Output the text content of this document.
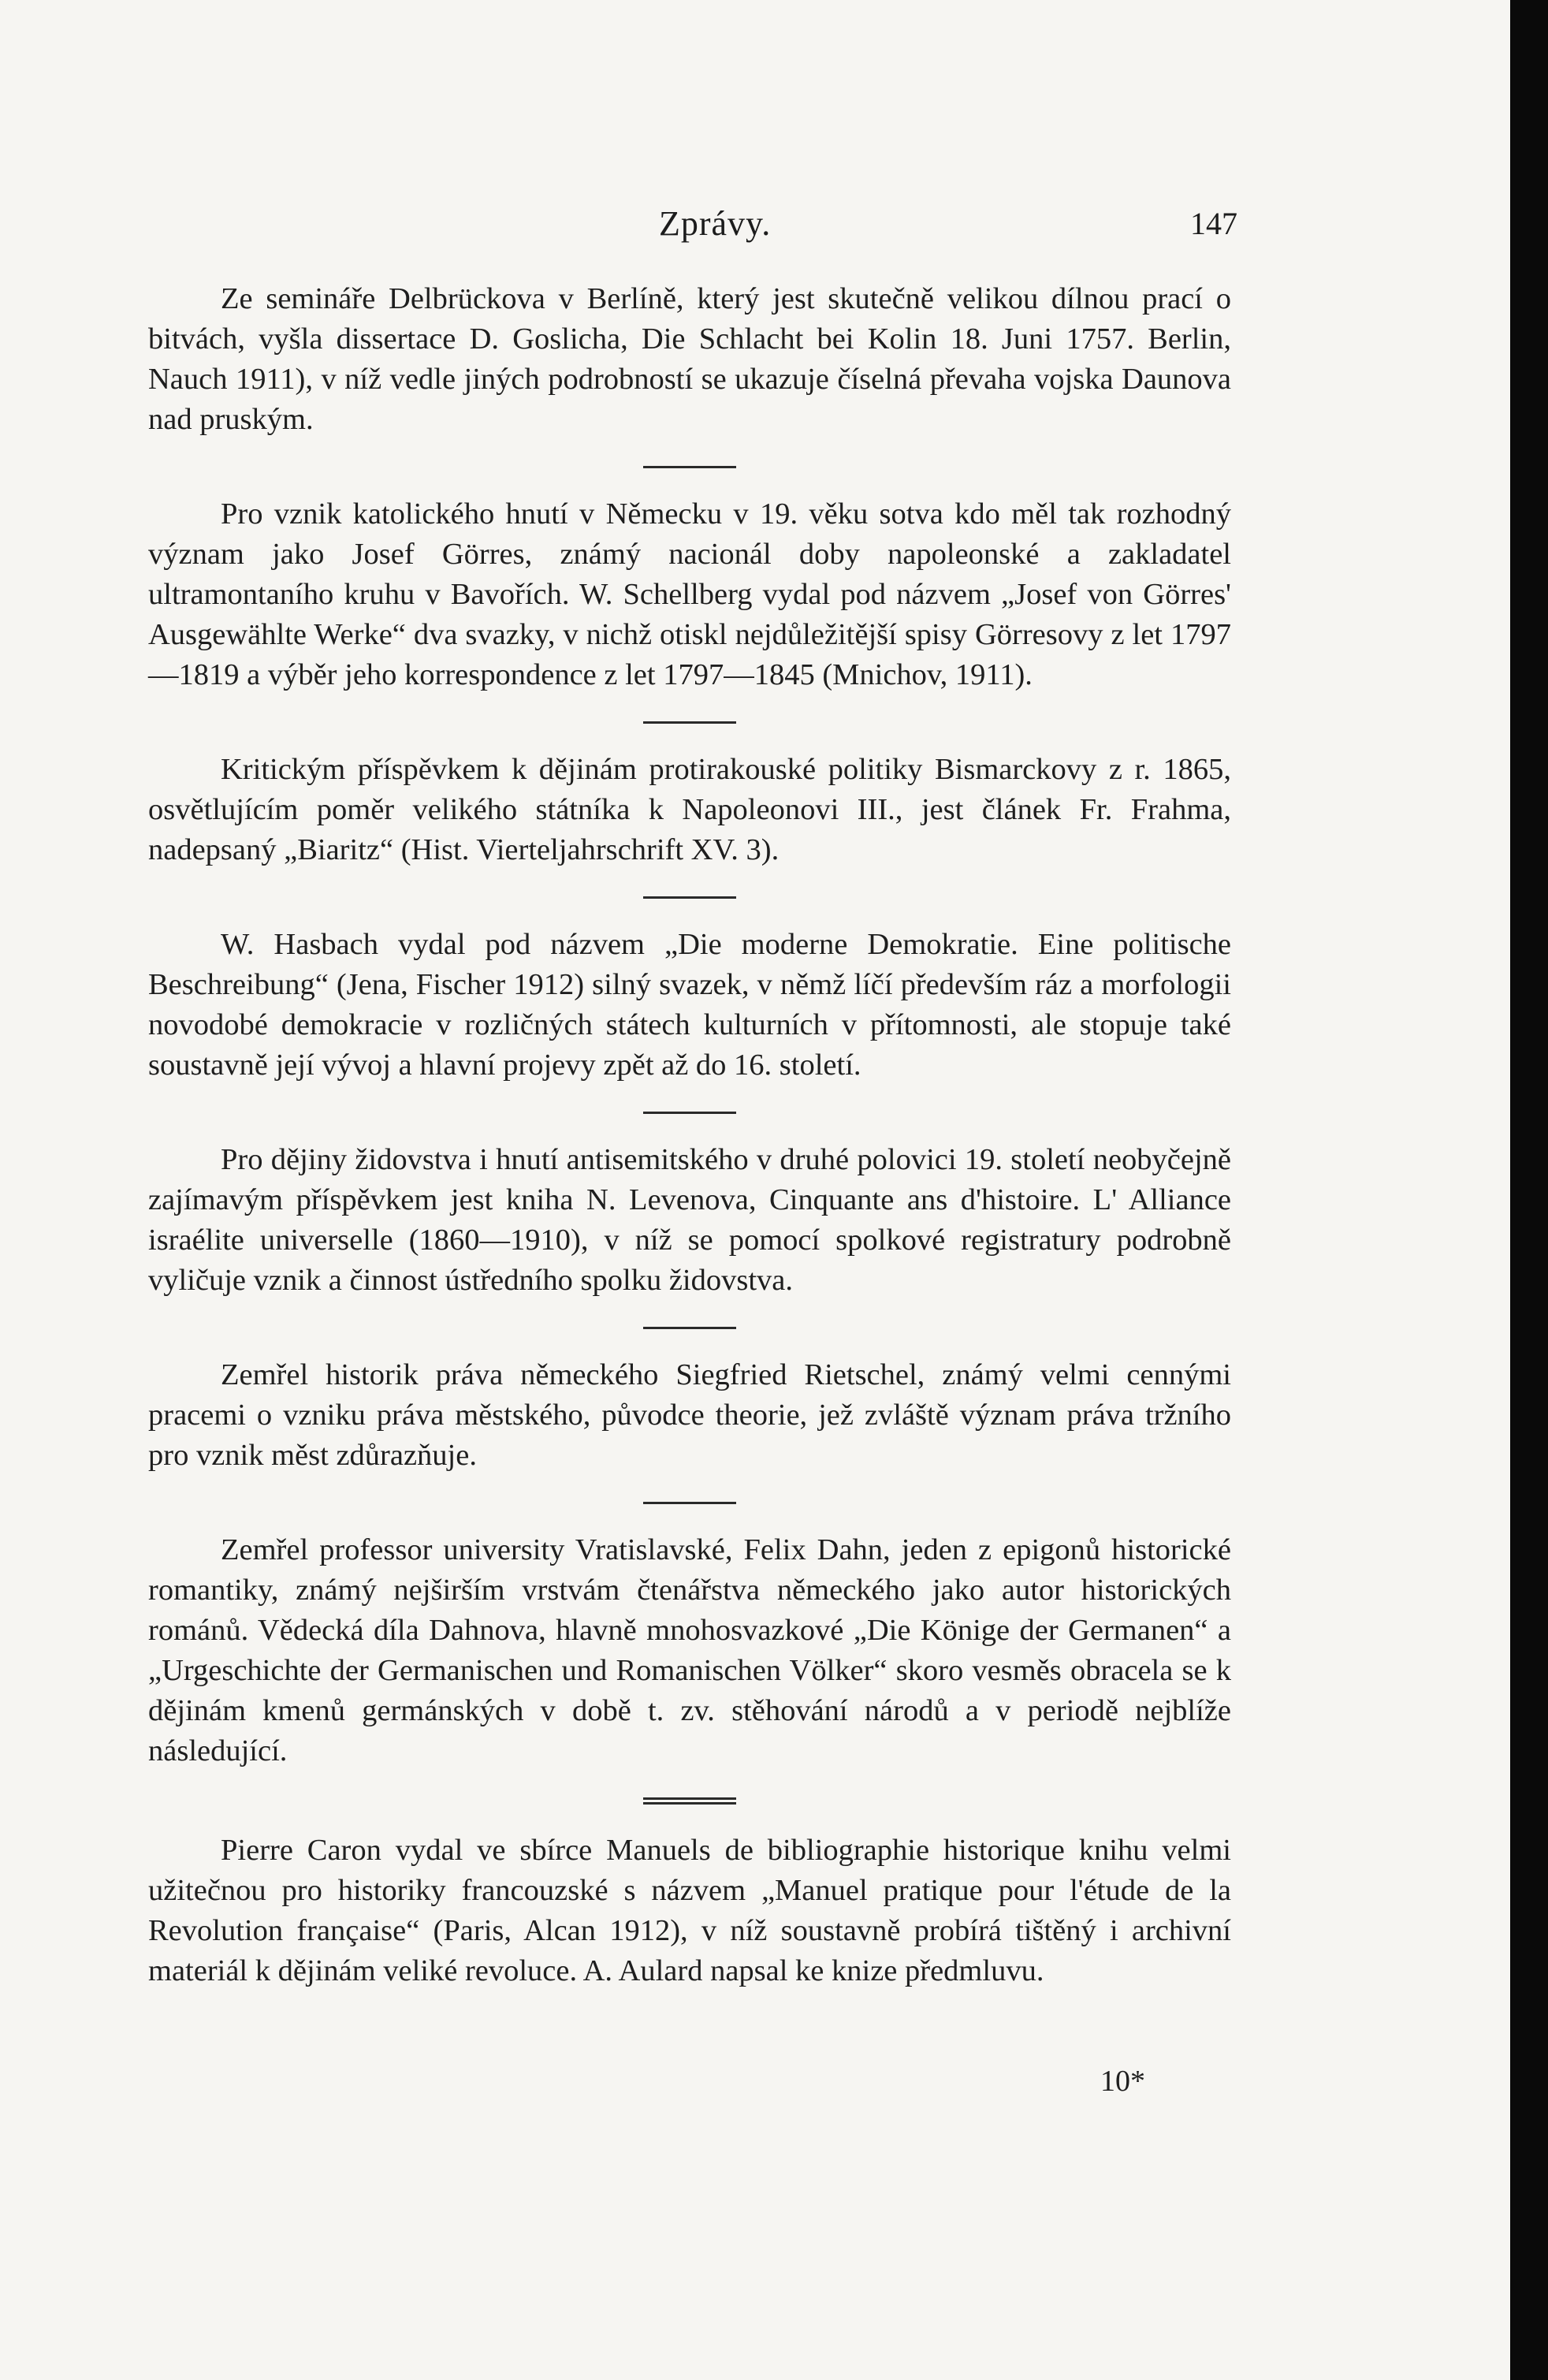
Zprávy.	147

Ze semináře Delbrückova v Berlíně, který jest skutečně velikou dílnou prací o bitvách, vyšla dissertace D. Goslicha, Die Schlacht bei Kolin 18. Juni 1757. Berlin, Nauch 1911), v níž vedle jiných podrobností se ukazuje číselná převaha vojska Daunova nad pruským.

Pro vznik katolického hnutí v Německu v 19. věku sotva kdo měl tak rozhodný význam jako Josef Görres, známý nacionál doby napoleonské a zakladatel ultramontaního kruhu v Bavořích. W. Schellberg vydal pod názvem „Josef von Görres' Ausgewählte Werke“ dva svazky, v nichž otiskl nejdůležitější spisy Görresovy z let 1797—1819 a výběr jeho korrespondence z let 1797—1845 (Mnichov, 1911).

Kritickým příspěvkem k dějinám protirakouské politiky Bismarckovy z r. 1865, osvětlujícím poměr velikého státníka k Napoleonovi III., jest článek Fr. Frahma, nadepsaný „Biaritz“ (Hist. Vierteljahrschrift XV. 3).

W. Hasbach vydal pod názvem „Die moderne Demokratie. Eine politische Beschreibung“ (Jena, Fischer 1912) silný svazek, v němž líčí především ráz a morfologii novodobé demokracie v rozličných státech kulturních v přítomnosti, ale stopuje také soustavně její vývoj a hlavní projevy zpět až do 16. století.

Pro dějiny židovstva i hnutí antisemitského v druhé polovici 19. století neobyčejně zajímavým příspěvkem jest kniha N. Levenova, Cinquante ans d'histoire. L' Alliance israélite universelle (1860—1910), v níž se pomocí spolkové registratury podrobně vyličuje vznik a činnost ústředního spolku židovstva.

Zemřel historik práva německého Siegfried Rietschel, známý velmi cennými pracemi o vzniku práva městského, původce theorie, jež zvláště význam práva tržního pro vznik měst zdůrazňuje.

Zemřel professor university Vratislavské, Felix Dahn, jeden z epigonů historické romantiky, známý nejširším vrstvám čtenářstva německého jako autor historických románů. Vědecká díla Dahnova, hlavně mnohosvazkové „Die Könige der Germanen“ a „Urgeschichte der Germanischen und Romanischen Völker“ skoro vesměs obracela se k dějinám kmenů germánských v době t. zv. stěhování národů a v periodě nejblíže následující.

Pierre Caron vydal ve sbírce Manuels de bibliographie historique knihu velmi užitečnou pro historiky francouzské s názvem „Manuel pratique pour l'étude de la Revolution française“ (Paris, Alcan 1912), v níž soustavně probírá tištěný i archivní materiál k dějinám veliké revoluce. A. Aulard napsal ke knize předmluvu.

10*
